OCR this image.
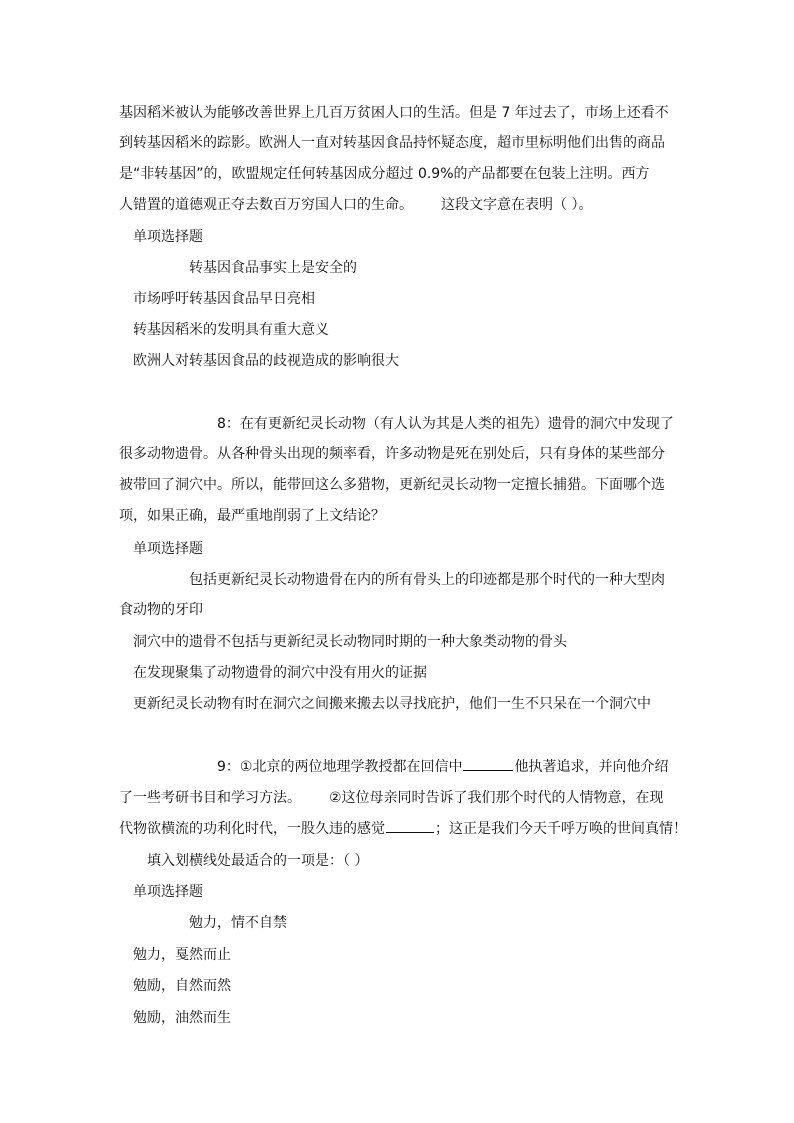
基因稻米被认为能够改善世界上几百万贫困人口的生活。但是 7 年过去了，市场上还看不
到转基因稻米的踪影。欧洲人一直对转基因食品持怀疑态度，超市里标明他们出售的商品
是“非转基因”的，欧盟规定任何转基因成分超过 0.9%的产品都要在包装上注明。西方
人错置的道德观正夺去数百万穷国人口的生命。 这段文字意在表明（ ）。
单项选择题
转基因食品事实上是安全的
市场呼吁转基因食品早日亮相
转基因稻米的发明具有重大意义
欧洲人对转基因食品的歧视造成的影响很大
8：在有更新纪灵长动物（有人认为其是人类的祖先）遗骨的洞穴中发现了
很多动物遗骨。从各种骨头出现的频率看，许多动物是死在别处后，只有身体的某些部分
被带回了洞穴中。所以，能带回这么多猎物，更新纪灵长动物一定擅长捕猎。下面哪个选
项，如果正确，最严重地削弱了上文结论？
单项选择题
包括更新纪灵长动物遗骨在内的所有骨头上的印迹都是那个时代的一种大型肉
食动物的牙印
洞穴中的遗骨不包括与更新纪灵长动物同时期的一种大象类动物的骨头
在发现聚集了动物遗骨的洞穴中没有用火的证据
更新纪灵长动物有时在洞穴之间搬来搬去以寻找庇护，他们一生不只呆在一个洞穴中
9：①北京的两位地理学教授都在回信中	他执著追求，并向他介绍
了一些考研书目和学习方法。 ②这位母亲同时告诉了我们那个时代的人情物意，在现
代物欲横流的功利化时代，一股久违的感觉	；这正是我们今天千呼万唤的世间真情！
填入划横线处最适合的一项是：（ ）
单项选择题
勉力，情不自禁
勉力，戛然而止
勉励，自然而然
勉励，油然而生
